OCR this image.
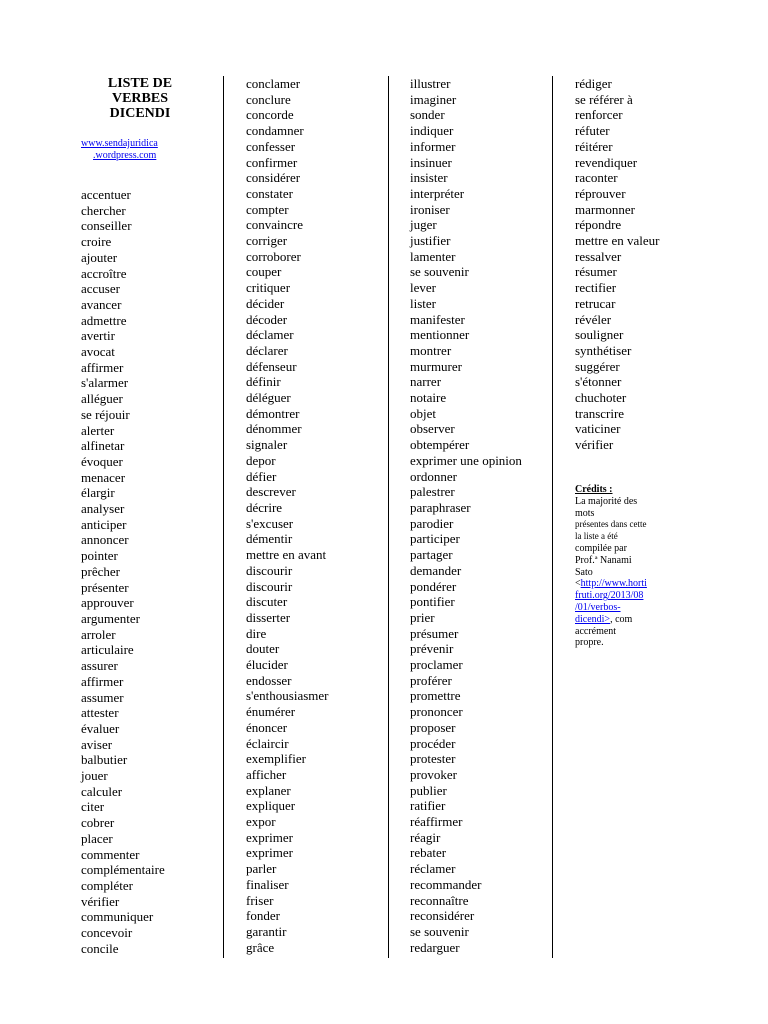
LISTE DE
VERBES DICENDI
www.sendajuridica
.wordpress.com
accentuer
chercher
conseiller
croire
ajouter
accroître
accuser
avancer
admettre
avertir
avocat
affirmer
s'alarmer
alléguer
se réjouir
alerter
alfinetar
évoquer
menacer
élargir
analyser
anticiper
annoncer
pointer
prêcher
présenter
approuver
argumenter
arroler
articulaire
assurer
affirmer
assumer
attester
évaluer
aviser
balbutier
jouer
calculer
citer
cobrer
placer
commenter
complémentaire
compléter
vérifier
communiquer
concevoir
concile
conclamer
conclure
concorde
condamner
confesser
confirmer
considérer
constater
compter
convaincre
corriger
corroborer
couper
critiquer
décider
décoder
déclamer
déclarer
défenseur
définir
déléguer
démontrer
dénommer
signaler
depor
défier
descrever
décrire
s'excuser
démentir
mettre en avant
discourir
discourir
discuter
disserter
dire
douter
élucider
endosser
s'enthousiasmer
énumérer
énoncer
éclaircir
exemplifier
afficher
explaner
expliquer
expor
exprimer
exprimer
parler
finaliser
friser
fonder
garantir
grâce
illustrer
imaginer
sonder
indiquer
informer
insinuer
insister
interpréter
ironiser
juger
justifier
lamenter
se souvenir
lever
lister
manifester
mentionner
montrer
murmurer
narrer
notaire
objet
observer
obtempérer
exprimer une opinion
ordonner
palestrer
paraphraser
parodier
participer
partager
demander
pondérer
pontifier
prier
présumer
prévenir
proclamer
proférer
promettre
prononcer
proposer
procéder
protester
provoker
publier
ratifier
réaffirmer
réagir
rebater
réclamer
recommander
reconnaître
reconsidérer
se souvenir
redarguer
rédiger
se référer à
renforcer
réfuter
réitérer
revendiquer
raconter
réprouver
marmonner
répondre
mettre en valeur
ressalver
résumer
rectifier
retrucar
révéler
souligner
synthétiser
suggérer
s'étonner
chuchoter
transcrire
vaticiner
vérifier
Crédits :
La majorité des
mots
présentes dans cette
la liste a été
compilée par
Prof.ª Nanami
Sato
<http://www.horti
fruti.org/2013/08
/01/verbos-
dicendi>, com
accrément
propre.
